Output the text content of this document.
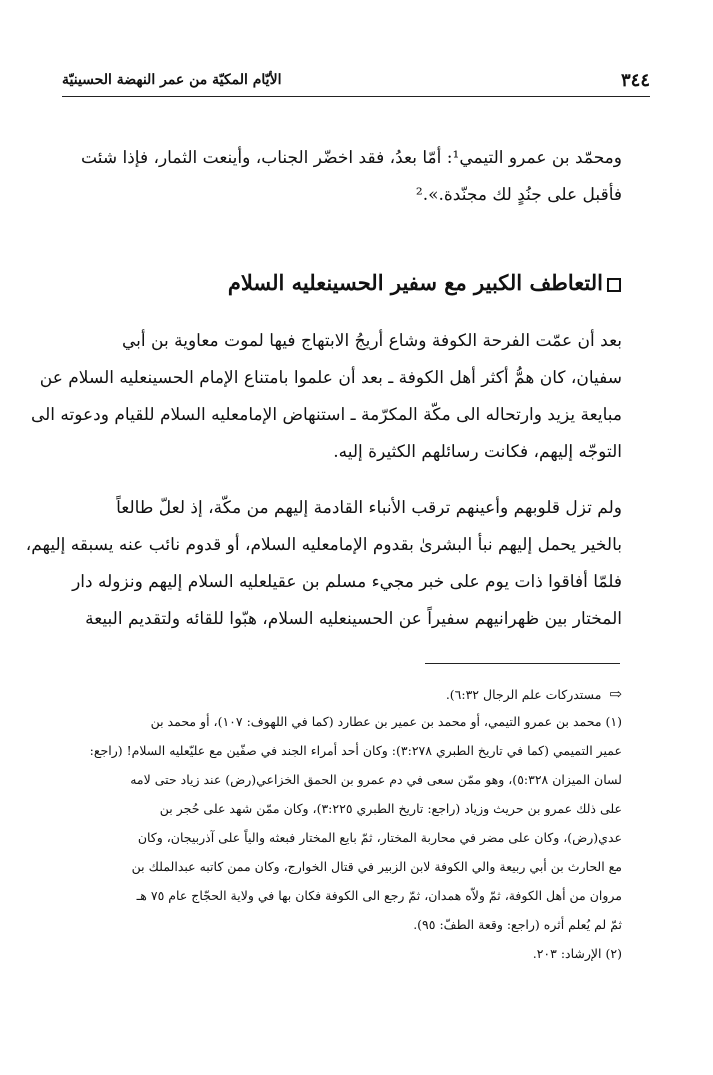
٣٤٤
الأيّام المكيّة من عمر النهضة الحسينيّة
ومحمّد بن عمرو التيمي¹: أمّا بعدُ، فقد اخضّر الجناب، وأينعت الثمار، فإذا شئت
فأقبل على جنُدٍ لك مجنّدة.».²
التعاطف الكبير مع سفير الحسينعليه السلام
بعد أن عمّت الفرحة الكوفة وشاع أريجُ الابتهاج فيها لموت معاوية بن أبي
سفيان، كان همُّ أكثر أهل الكوفة ـ بعد أن علموا بامتناع الإمام الحسينعليه السلام عن
مبايعة يزيد وارتحاله الى مكّة المكرّمة ـ استنهاض الإمامعليه السلام للقيام ودعوته الى
التوجّه إليهم، فكانت رسائلهم الكثيرة إليه.
ولم تزل قلوبهم وأعينهم ترقب الأنباء القادمة إليهم من مكّة، إذ لعلّ طالعاً
بالخير يحمل إليهم نبأ البشرىٰ بقدوم الإمامعليه السلام، أو قدوم نائب عنه يسبقه إليهم،
فلمّا أفاقوا ذات يوم على خبر مجيء مسلم بن عقيلعليه السلام إليهم ونزوله دار
المختار بين ظهرانيهم سفيراً عن الحسينعليه السلام، هبّوا للقائه ولتقديم البيعة
⇨مستدركات علم الرجال ٦:٣٢).
(١) محمد بن عمرو التيمي، أو محمد بن عمير بن عطارد (كما في اللهوف: ١٠٧)، أو محمد بن
عمير التميمي (كما في تاريخ الطبري ٣:٢٧٨): وكان أحد أمراء الجند في صفّين مع عليّعليه السلام! (راجع:
لسان الميزان ٥:٣٢٨)، وهو ممّن سعى في دم عمرو بن الحمق الخزاعي(رض) عند زياد حتى لامه
على ذلك عمرو بن حريث وزياد (راجع: تاريخ الطبري ٣:٢٢٥)، وكان ممّن شهد على حُجر بن
عدي(رض)، وكان على مضر في محاربة المختار، ثمّ بايع المختار فبعثه والياً على آذربيجان، وكان
مع الحارث بن أبي ربيعة والي الكوفة لابن الزبير في قتال الخوارج، وكان ممن كاتبه عبدالملك بن
مروان من أهل الكوفة، ثمّ ولاّه همدان، ثمّ رجع الى الكوفة فكان بها في ولاية الحجّاج عام ٧٥ هـ
ثمّ لم يُعلم أثره (راجع: وقعة الطفّ: ٩٥).
(٢) الإرشاد: ٢٠٣.
